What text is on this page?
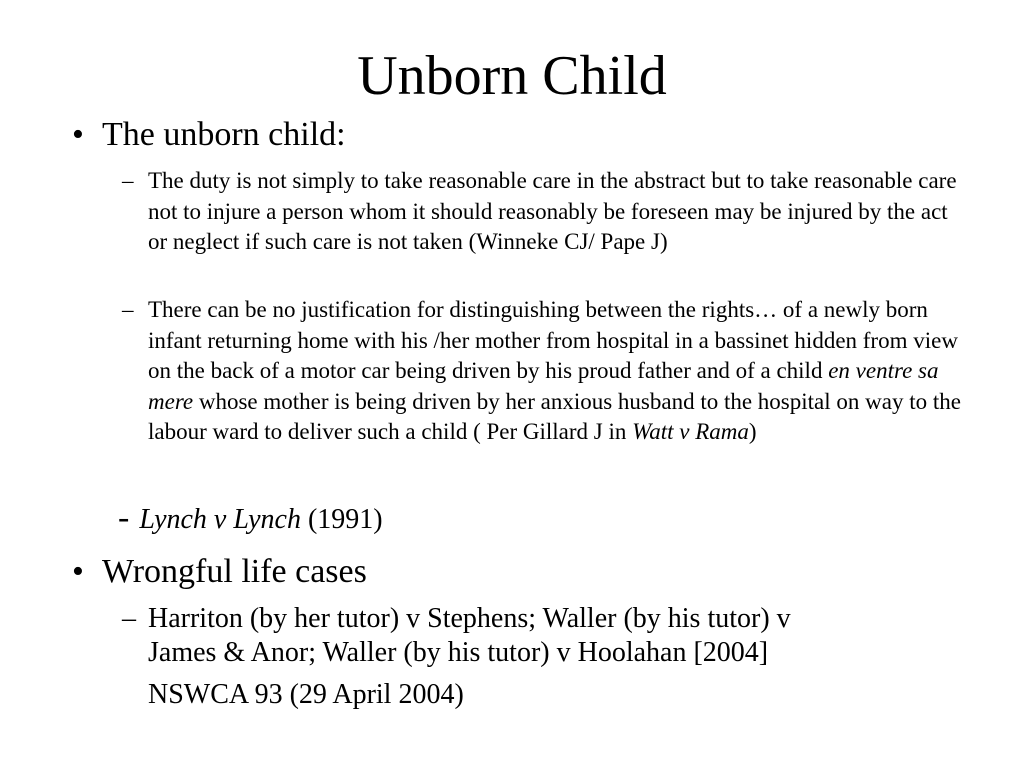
Unborn Child
• The unborn child:
– The duty is not simply to take reasonable care in the abstract but to take reasonable care not to injure a person whom it should reasonably be foreseen may be injured by the act or neglect if such care is not taken (Winneke CJ/ Pape J)
– There can be no justification for distinguishing between the rights… of a newly born infant returning home with his /her mother from hospital in a bassinet hidden from view on the back of a motor car being driven by his proud father and of a child en ventre sa mere whose mother is being driven by her anxious husband to the hospital on way to the labour ward to deliver such a child ( Per Gillard J in Watt v Rama)
- Lynch v Lynch (1991)
• Wrongful life cases
– Harriton (by her tutor) v Stephens; Waller (by his tutor) v
James & Anor; Waller (by his tutor) v Hoolahan [2004]
NSWCA 93 (29 April 2004)
